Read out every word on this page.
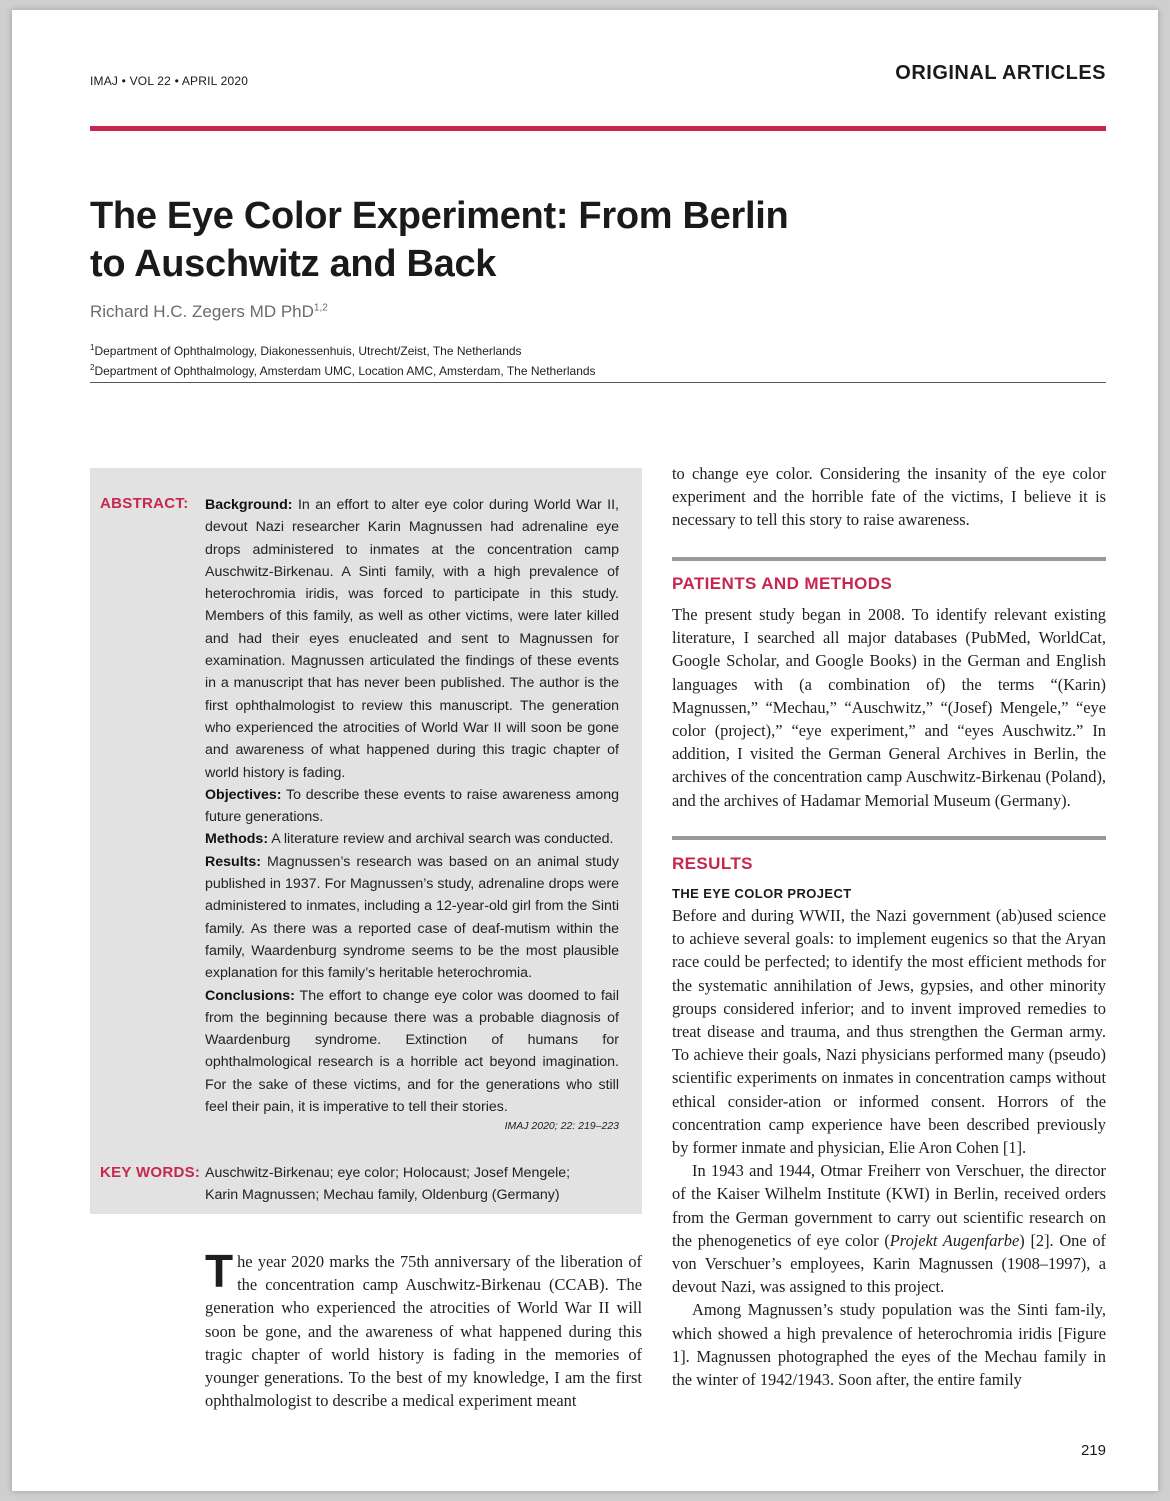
IMAJ • VOL 22 • APRIL 2020	ORIGINAL ARTICLES
The Eye Color Experiment: From Berlin
to Auschwitz and Back
Richard H.C. Zegers MD PhD$^{1,2}$
$^1$Department of Ophthalmology, Diakonessenhuis, Utrecht/Zeist, The Netherlands
$^2$Department of Ophthalmology, Amsterdam UMC, Location AMC, Amsterdam, The Netherlands
ABSTRACT: Background: In an effort to alter eye color during World War II, devout Nazi researcher Karin Magnussen had adrenaline eye drops administered to inmates at the concentration camp Auschwitz-Birkenau. A Sinti family, with a high prevalence of heterochromia iridis, was forced to participate in this study. Members of this family, as well as other victims, were later killed and had their eyes enucleated and sent to Magnussen for examination. Magnussen articulated the findings of these events in a manuscript that has never been published. The author is the first ophthalmologist to review this manuscript. The generation who experienced the atrocities of World War II will soon be gone and awareness of what happened during this tragic chapter of world history is fading.

Objectives: To describe these events to raise awareness among future generations.

Methods: A literature review and archival search was conducted.

Results: Magnussen’s research was based on an animal study published in 1937. For Magnussen’s study, adrenaline drops were administered to inmates, including a 12-year-old girl from the Sinti family. As there was a reported case of deaf-mutism within the family, Waardenburg syndrome seems to be the most plausible explanation for this family’s heritable heterochromia.

Conclusions: The effort to change eye color was doomed to fail from the beginning because there was a probable diagnosis of Waardenburg syndrome. Extinction of humans for ophthalmological research is a horrible act beyond imagination. For the sake of these victims, and for the generations who still feel their pain, it is imperative to tell their stories.

IMAJ 2020; 22: 219–223

KEY WORDS: Auschwitz-Birkenau; eye color; Holocaust; Josef Mengele;
Karin Magnussen; Mechau family, Oldenburg (Germany)
The year 2020 marks the 75th anniversary of the liberation of the concentration camp Auschwitz-Birkenau (CCAB). The generation who experienced the atrocities of World War II will soon be gone, and the awareness of what happened during this tragic chapter of world history is fading in the memories of younger generations. To the best of my knowledge, I am the first ophthalmologist to describe a medical experiment meant
to change eye color. Considering the insanity of the eye color experiment and the horrible fate of the victims, I believe it is necessary to tell this story to raise awareness.
PATIENTS AND METHODS
The present study began in 2008. To identify relevant existing literature, I searched all major databases (PubMed, WorldCat, Google Scholar, and Google Books) in the German and English languages with (a combination of) the terms “(Karin) Magnussen,” “Mechau,” “Auschwitz,” “(Josef) Mengele,” “eye color (project),” “eye experiment,” and “eyes Auschwitz.” In addition, I visited the German General Archives in Berlin, the archives of the concentration camp Auschwitz-Birkenau (Poland), and the archives of Hadamar Memorial Museum (Germany).
RESULTS
THE EYE COLOR PROJECT

Before and during WWII, the Nazi government (ab)used science to achieve several goals: to implement eugenics so that the Aryan race could be perfected; to identify the most efficient methods for the systematic annihilation of Jews, gypsies, and other minority groups considered inferior; and to invent improved remedies to treat disease and trauma, and thus strengthen the German army. To achieve their goals, Nazi physicians performed many (pseudo) scientific experiments on inmates in concentration camps without ethical consider-ation or informed consent. Horrors of the concentration camp experience have been described previously by former inmate and physician, Elie Aron Cohen [1].

In 1943 and 1944, Otmar Freiherr von Verschuer, the director of the Kaiser Wilhelm Institute (KWI) in Berlin, received orders from the German government to carry out scientific research on the phenogenetics of eye color (Projekt Augenfarbe) [2]. One of von Verschuer’s employees, Karin Magnussen (1908–1997), a devout Nazi, was assigned to this project.

Among Magnussen’s study population was the Sinti fam-ily, which showed a high prevalence of heterochromia iridis [Figure 1]. Magnussen photographed the eyes of the Mechau family in the winter of 1942/1943. Soon after, the entire family

219
